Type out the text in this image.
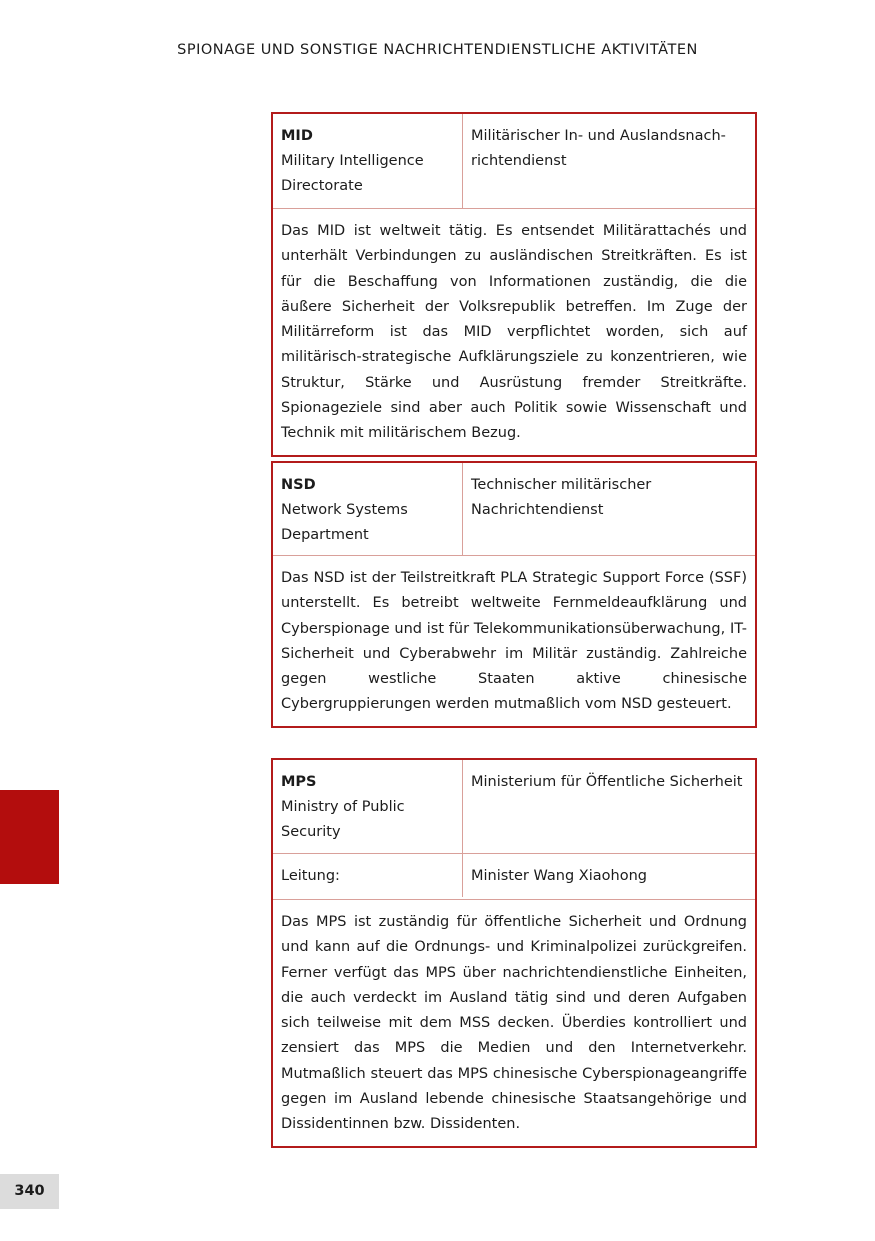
SPIONAGE UND SONSTIGE NACHRICHTENDIENSTLICHE AKTIVITÄTEN
MID
Military Intelligence Directorate
Militärischer In- und Auslandsnachrichtendienst
Das MID ist weltweit tätig. Es entsendet Militärattachés und unterhält Verbindungen zu ausländischen Streitkräften. Es ist für die Beschaffung von Informationen zuständig, die die äußere Sicherheit der Volksrepublik betreffen. Im Zuge der Militärreform ist das MID verpflichtet worden, sich auf militärisch-strategische Aufklärungsziele zu konzentrieren, wie Struktur, Stärke und Ausrüstung fremder Streitkräfte. Spionageziele sind aber auch Politik sowie Wissenschaft und Technik mit militärischem Bezug.
NSD
Network Systems Department
Technischer militärischer Nachrichtendienst
Das NSD ist der Teilstreitkraft PLA Strategic Support Force (SSF) unterstellt. Es betreibt weltweite Fernmeldeaufklärung und Cyberspionage und ist für Telekommunikationsüberwachung, IT-Sicherheit und Cyberabwehr im Militär zuständig. Zahlreiche gegen westliche Staaten aktive chinesische Cybergruppierungen werden mutmaßlich vom NSD gesteuert.
MPS
Ministry of Public Security
Ministerium für Öffentliche Sicherheit
Leitung:	Minister Wang Xiaohong
Das MPS ist zuständig für öffentliche Sicherheit und Ordnung und kann auf die Ordnungs- und Kriminalpolizei zurückgreifen. Ferner verfügt das MPS über nachrichtendienstliche Einheiten, die auch verdeckt im Ausland tätig sind und deren Aufgaben sich teilweise mit dem MSS decken. Überdies kontrolliert und zensiert das MPS die Medien und den Internetverkehr. Mutmaßlich steuert das MPS chinesische Cyberspionageangriffe gegen im Ausland lebende chinesische Staatsangehörige und Dissidentinnen bzw. Dissidenten.
340
